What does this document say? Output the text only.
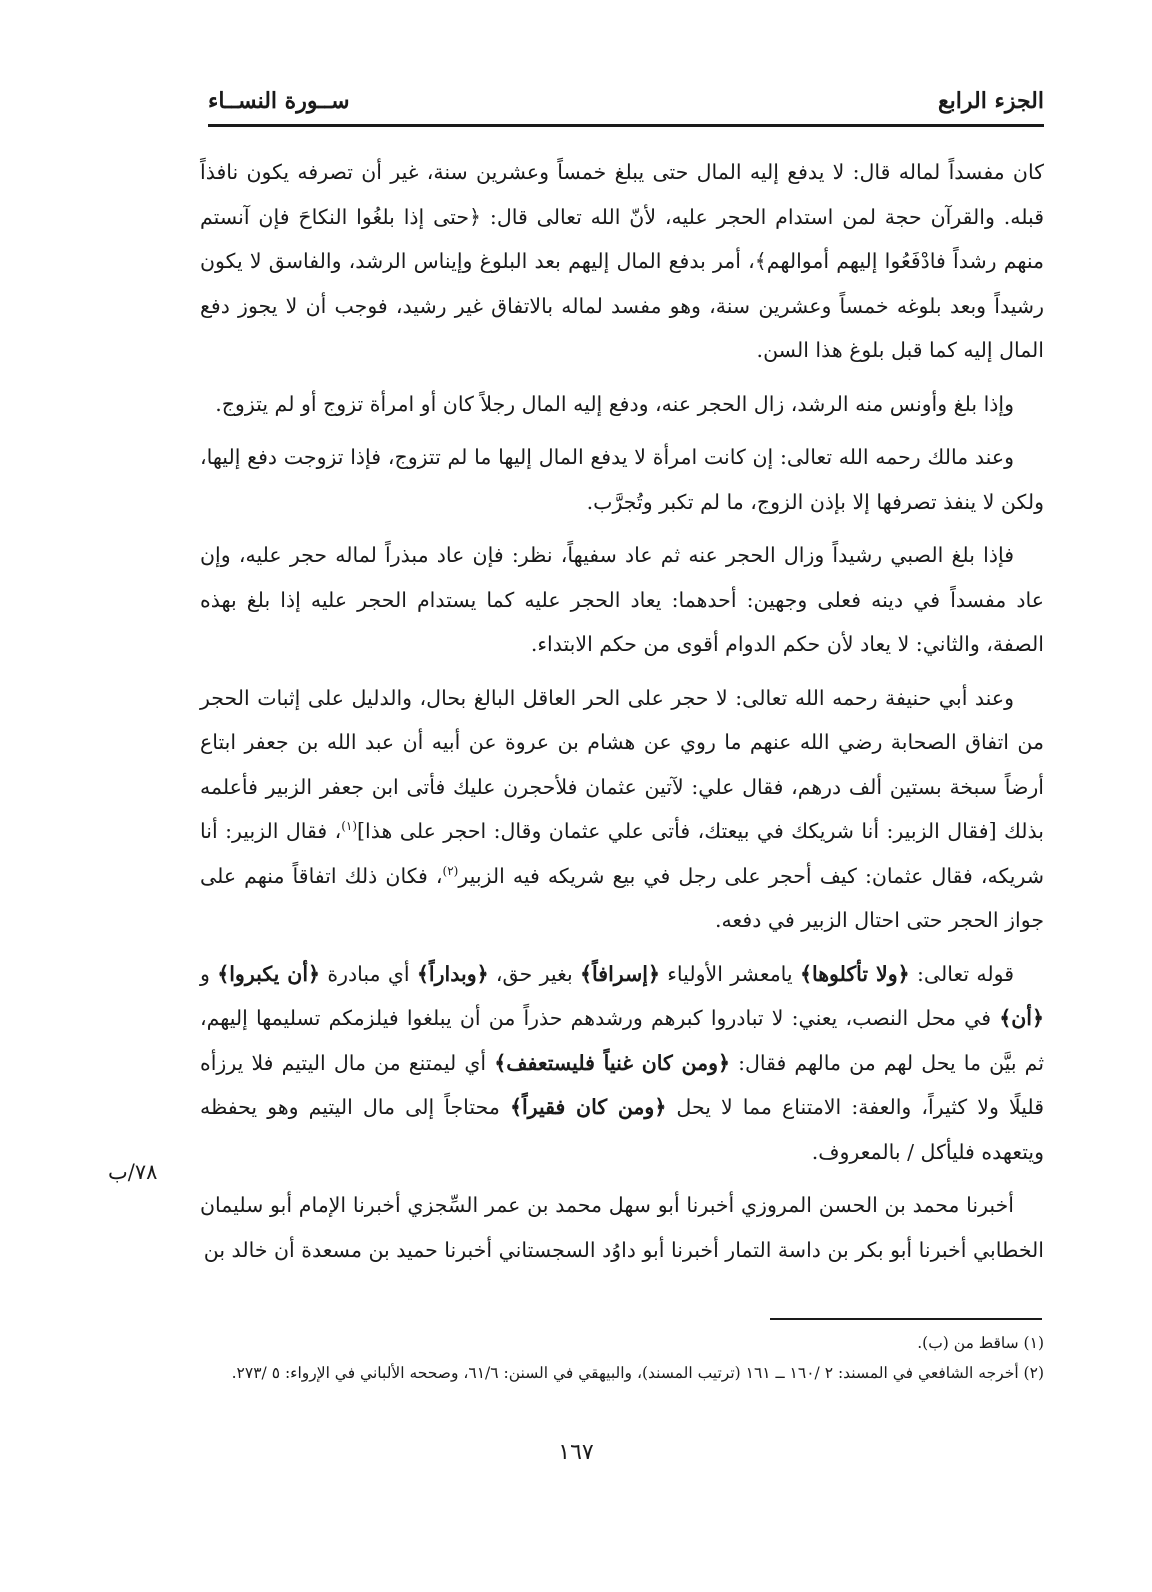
الجزء الرابع
ســورة النســاء

كان مفسداً لماله قال: لا يدفع إليه المال حتى يبلغ خمساً وعشرين سنة، غير أن تصرفه يكون نافذاً قبله. والقرآن حجة لمن استدام الحجر عليه، لأنّ الله تعالى قال: ﴿حتى إذا بلغُوا النكاحَ فإن آنستم منهم رشداً فادْفَعُوا إليهم أموالهم﴾، أمر بدفع المال إليهم بعد البلوغ وإيناس الرشد، والفاسق لا يكون رشيداً وبعد بلوغه خمساً وعشرين سنة، وهو مفسد لماله بالاتفاق غير رشيد، فوجب أن لا يجوز دفع المال إليه كما قبل بلوغ هذا السن.

وإذا بلغ وأونس منه الرشد، زال الحجر عنه، ودفع إليه المال رجلاً كان أو امرأة تزوج أو لم يتزوج.

وعند مالك رحمه الله تعالى: إن كانت امرأة لا يدفع المال إليها ما لم تتزوج، فإذا تزوجت دفع إليها، ولكن لا ينفذ تصرفها إلا بإذن الزوج، ما لم تكبر وتُجرَّب.

فإذا بلغ الصبي رشيداً وزال الحجر عنه ثم عاد سفيهاً، نظر: فإن عاد مبذراً لماله حجر عليه، وإن عاد مفسداً في دينه فعلى وجهين: أحدهما: يعاد الحجر عليه كما يستدام الحجر عليه إذا بلغ بهذه الصفة، والثاني: لا يعاد لأن حكم الدوام أقوى من حكم الابتداء.

وعند أبي حنيفة رحمه الله تعالى: لا حجر على الحر العاقل البالغ بحال، والدليل على إثبات الحجر من اتفاق الصحابة رضي الله عنهم ما روي عن هشام بن عروة عن أبيه أن عبد الله بن جعفر ابتاع أرضاً سبخة بستين ألف درهم، فقال علي: لآتين عثمان فلأحجرن عليك فأتى ابن جعفر الزبير فأعلمه بذلك [فقال الزبير: أنا شريكك في بيعتك، فأتى علي عثمان وقال: احجر على هذا]$^{(١)}$، فقال الزبير: أنا شريكه، فقال عثمان: كيف أحجر على رجل في بيع شريكه فيه الزبير$^{(٢)}$، فكان ذلك اتفاقاً منهم على جواز الحجر حتى احتال الزبير في دفعه.

قوله تعالى: ﴿ولا تأكلوها﴾ يامعشر الأولياء ﴿إسرافاً﴾ بغير حق، ﴿وبداراً﴾ أي مبادرة ﴿أن يكبروا﴾ و ﴿أن﴾ في محل النصب، يعني: لا تبادروا كبرهم ورشدهم حذراً من أن يبلغوا فيلزمكم تسليمها إليهم، ثم بيَّن ما يحل لهم من مالهم فقال: ﴿ومن كان غنياً فليستعفف﴾ أي ليمتنع من مال اليتيم فلا يرزأه قليلًا ولا كثيراً، والعفة: الامتناع مما لا يحل ﴿ومن كان فقيراً﴾ محتاجاً إلى مال اليتيم وهو يحفظه ويتعهده فليأكل / بالمعروف.

أخبرنا محمد بن الحسن المروزي أخبرنا أبو سهل محمد بن عمر السِّجزي أخبرنا الإمام أبو سليمان الخطابي أخبرنا أبو بكر بن داسة التمار أخبرنا أبو داوُد السجستاني أخبرنا حميد بن مسعدة أن خالد بن

٧٨/ب

(١) ساقط من (ب).

(٢) أخرجه الشافعي في المسند: ٢ /١٦٠ ــ ١٦١ (ترتيب المسند)، والبيهقي في السنن: ٦١/٦، وصححه الألباني في الإرواء: ٥ /٢٧٣.

١٦٧
